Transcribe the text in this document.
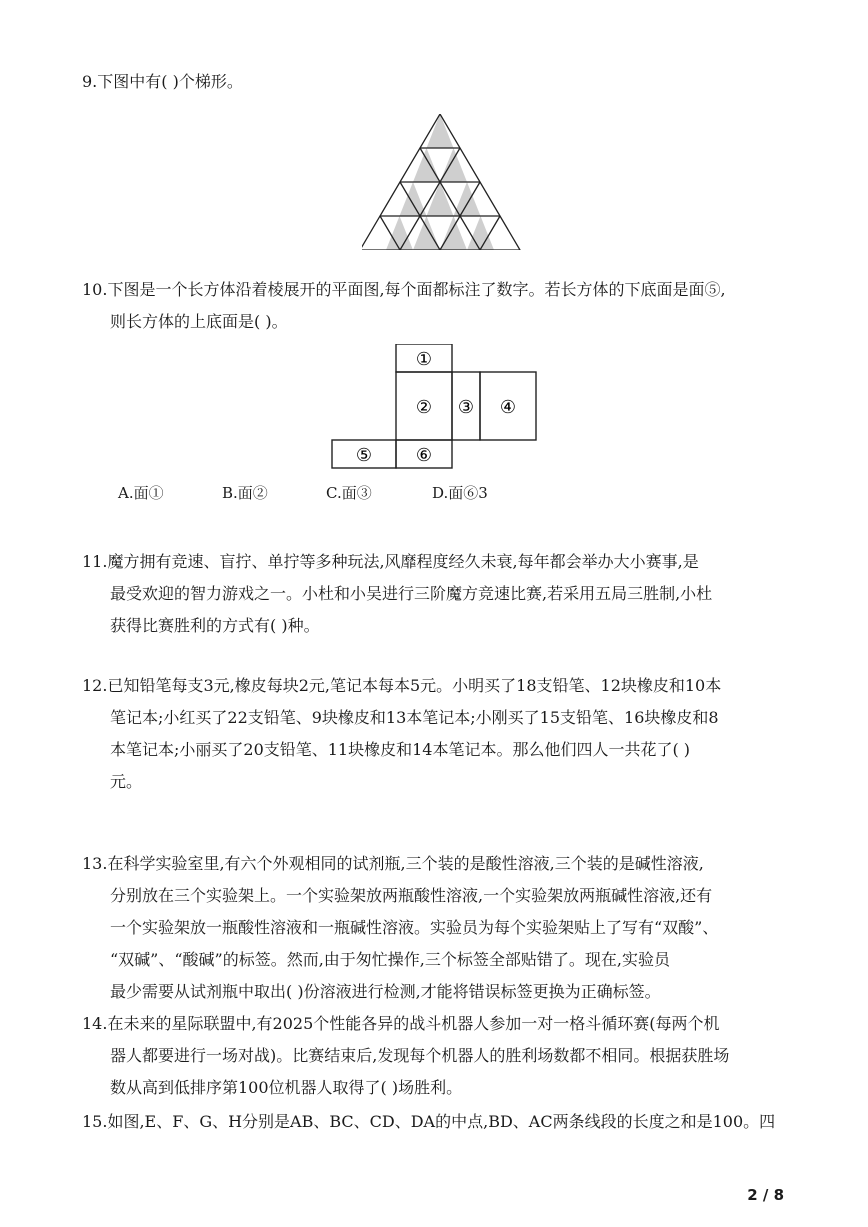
9.下图中有( )个梯形。

10.下图是一个长方体沿着棱展开的平面图,每个面都标注了数字。若长方体的下底面是面⑤,
则长方体的上底面是( )。

①
② ③ ④
⑤ ⑥
A.面①	B.面②	C.面③	D.面⑥3

11.魔方拥有竞速、盲拧、单拧等多种玩法,风靡程度经久未衰,每年都会举办大小赛事,是
最受欢迎的智力游戏之一。小杜和小吴进行三阶魔方竞速比赛,若采用五局三胜制,小杜
获得比赛胜利的方式有( )种。

12.已知铅笔每支3元,橡皮每块2元,笔记本每本5元。小明买了18支铅笔、12块橡皮和10本
笔记本;小红买了22支铅笔、9块橡皮和13本笔记本;小刚买了15支铅笔、16块橡皮和8
本笔记本;小丽买了20支铅笔、11块橡皮和14本笔记本。那么他们四人一共花了( )
元。

13.在科学实验室里,有六个外观相同的试剂瓶,三个装的是酸性溶液,三个装的是碱性溶液,
分别放在三个实验架上。一个实验架放两瓶酸性溶液,一个实验架放两瓶碱性溶液,还有
一个实验架放一瓶酸性溶液和一瓶碱性溶液。实验员为每个实验架贴上了写有“双酸”、
“双碱”、“酸碱”的标签。然而,由于匆忙操作,三个标签全部贴错了。现在,实验员
最少需要从试剂瓶中取出( )份溶液进行检测,才能将错误标签更换为正确标签。

14.在未来的星际联盟中,有2025个性能各异的战斗机器人参加一对一格斗循环赛(每两个机
器人都要进行一场对战)。比赛结束后,发现每个机器人的胜利场数都不相同。根据获胜场
数从高到低排序第100位机器人取得了( )场胜利。

15.如图,E、F、G、H分别是AB、BC、CD、DA的中点,BD、AC两条线段的长度之和是100。四

2 / 8
